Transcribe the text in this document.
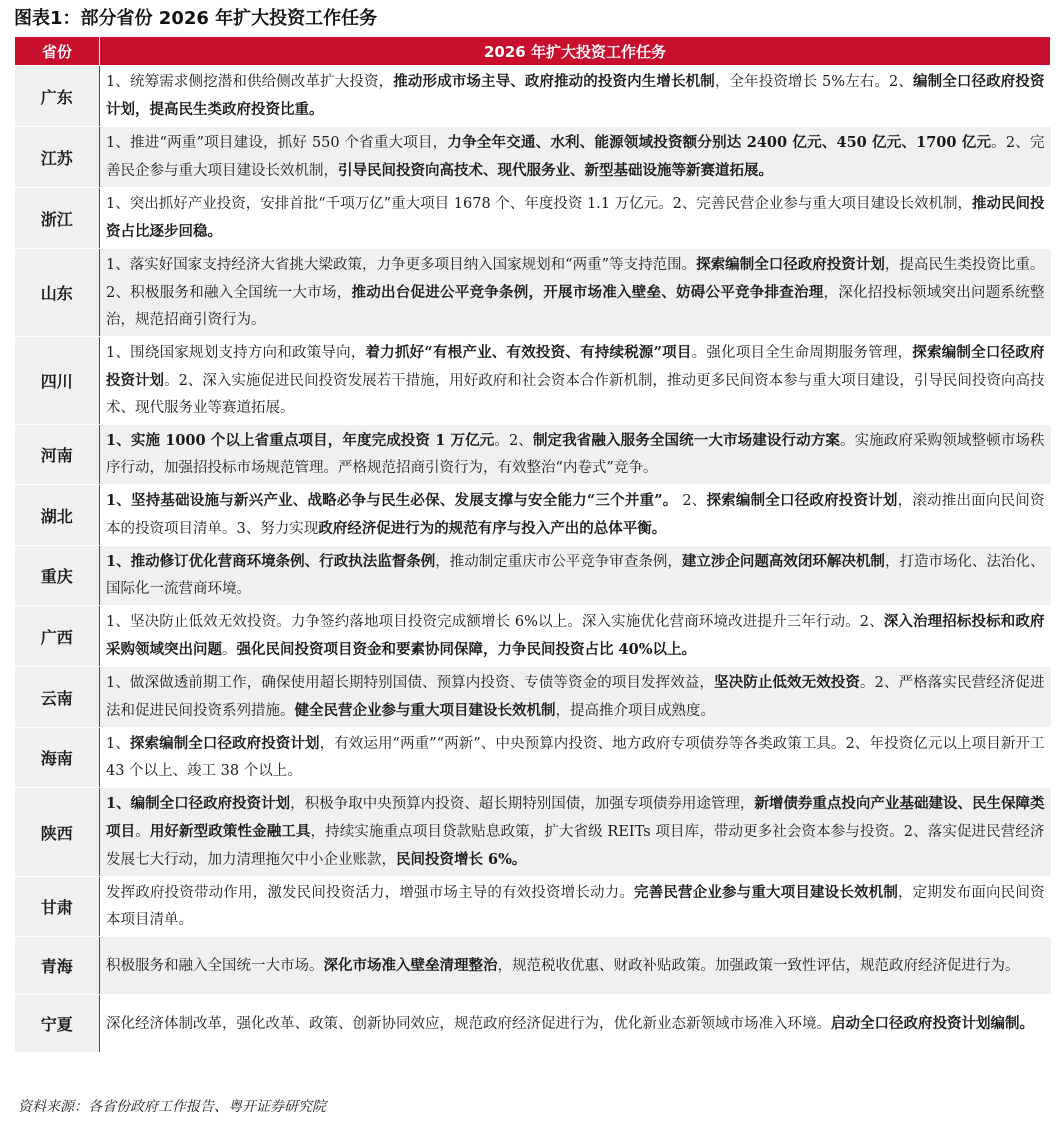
图表1：部分省份 2026 年扩大投资工作任务
省份	2026 年扩大投资工作任务
广东	1、统筹需求侧挖潜和供给侧改革扩大投资，推动形成市场主导、政府推动的投资内生增长机制，全年投资增长 5%左右。2、编制全口径政府投资计划，提高民生类政府投资比重。
江苏	1、推进“两重”项目建设，抓好 550 个省重大项目，力争全年交通、水利、能源领域投资额分别达 2400 亿元、450 亿元、1700 亿元。2、完善民企参与重大项目建设长效机制，引导民间投资向高技术、现代服务业、新型基础设施等新赛道拓展。
浙江	1、突出抓好产业投资，安排首批“千项万亿”重大项目 1678 个、年度投资 1.1 万亿元。2、完善民营企业参与重大项目建设长效机制，推动民间投资占比逐步回稳。
山东	1、落实好国家支持经济大省挑大梁政策，力争更多项目纳入国家规划和“两重”等支持范围。探索编制全口径政府投资计划，提高民生类投资比重。2、积极服务和融入全国统一大市场，推动出台促进公平竞争条例，开展市场准入壁垒、妨碍公平竞争排查治理，深化招投标领域突出问题系统整治，规范招商引资行为。
四川	1、围绕国家规划支持方向和政策导向，着力抓好“有根产业、有效投资、有持续税源”项目。强化项目全生命周期服务管理，探索编制全口径政府投资计划。2、深入实施促进民间投资发展若干措施，用好政府和社会资本合作新机制，推动更多民间资本参与重大项目建设，引导民间投资向高技术、现代服务业等赛道拓展。
河南	1、实施 1000 个以上省重点项目，年度完成投资 1 万亿元。2、制定我省融入服务全国统一大市场建设行动方案。实施政府采购领域整顿市场秩序行动，加强招投标市场规范管理。严格规范招商引资行为，有效整治“内卷式”竞争。
湖北	1、坚持基础设施与新兴产业、战略必争与民生必保、发展支撑与安全能力“三个并重”。 2、探索编制全口径政府投资计划，滚动推出面向民间资本的投资项目清单。3、努力实现政府经济促进行为的规范有序与投入产出的总体平衡。
重庆	1、推动修订优化营商环境条例、行政执法监督条例，推动制定重庆市公平竞争审查条例，建立涉企问题高效闭环解决机制，打造市场化、法治化、国际化一流营商环境。
广西	1、坚决防止低效无效投资。力争签约落地项目投资完成额增长 6%以上。深入实施优化营商环境改进提升三年行动。2、深入治理招标投标和政府采购领域突出问题。强化民间投资项目资金和要素协同保障，力争民间投资占比 40%以上。
云南	1、做深做透前期工作，确保使用超长期特别国债、预算内投资、专债等资金的项目发挥效益，坚决防止低效无效投资。2、严格落实民营经济促进法和促进民间投资系列措施。健全民营企业参与重大项目建设长效机制，提高推介项目成熟度。
海南	1、探索编制全口径政府投资计划，有效运用“两重”“两新”、中央预算内投资、地方政府专项债券等各类政策工具。2、年投资亿元以上项目新开工 43 个以上、竣工 38 个以上。
陕西	1、编制全口径政府投资计划，积极争取中央预算内投资、超长期特别国债，加强专项债券用途管理，新增债券重点投向产业基础建设、民生保障类项目。用好新型政策性金融工具，持续实施重点项目贷款贴息政策，扩大省级 REITs 项目库，带动更多社会资本参与投资。2、落实促进民营经济发展七大行动，加力清理拖欠中小企业账款，民间投资增长 6%。
甘肃	发挥政府投资带动作用，激发民间投资活力，增强市场主导的有效投资增长动力。完善民营企业参与重大项目建设长效机制，定期发布面向民间资本项目清单。
青海	积极服务和融入全国统一大市场。深化市场准入壁垒清理整治，规范税收优惠、财政补贴政策。加强政策一致性评估，规范政府经济促进行为。
宁夏	深化经济体制改革，强化改革、政策、创新协同效应，规范政府经济促进行为，优化新业态新领域市场准入环境。启动全口径政府投资计划编制。
资料来源：各省份政府工作报告、粤开证券研究院
